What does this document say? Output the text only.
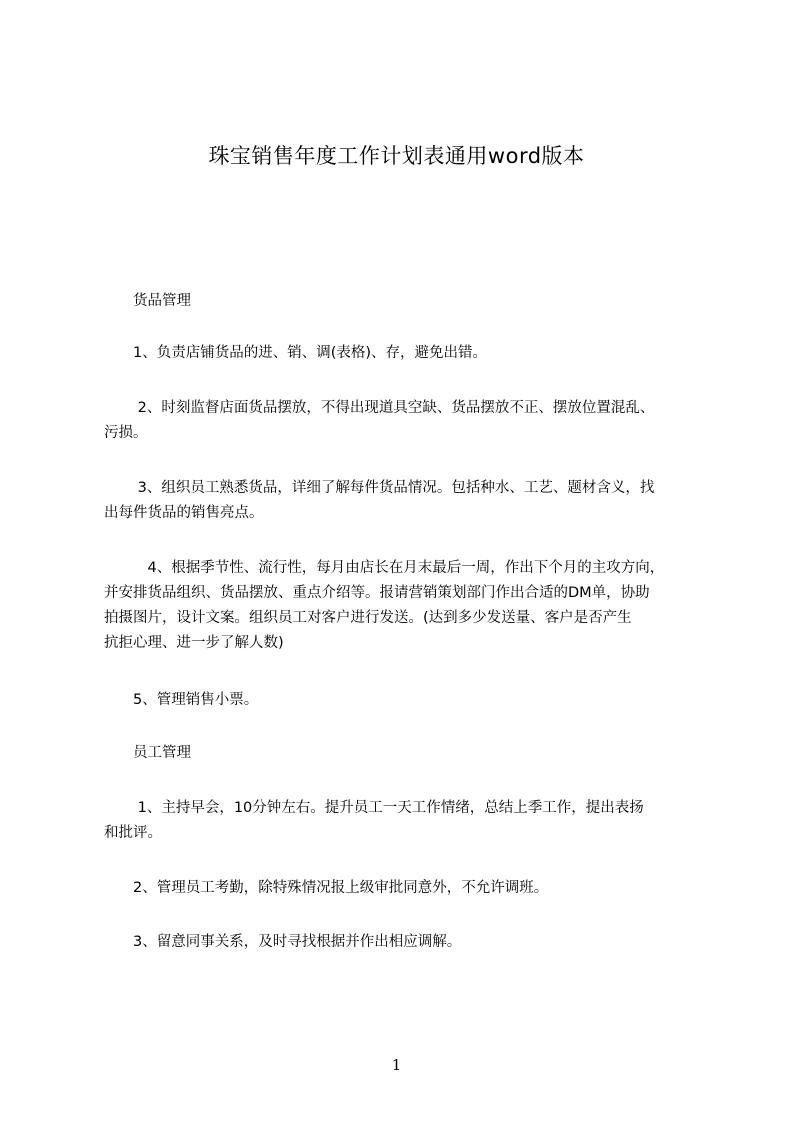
珠宝销售年度工作计划表通用word版本

　　货品管理

　　1、负责店铺货品的进、销、调(表格)、存，避免出错。

　　 2、时刻监督店面货品摆放，不得出现道具空缺、货品摆放不正、摆放位置混乱、
污损。

　　 3、组织员工熟悉货品，详细了解每件货品情况。包括种水、工艺、题材含义，找
出每件货品的销售亮点。

　　　4、根据季节性、流行性，每月由店长在月末最后一周，作出下个月的主攻方向，
并安排货品组织、货品摆放、重点介绍等。报请营销策划部门作出合适的DM单，协助
拍摄图片，设计文案。组织员工对客户进行发送。(达到多少发送量、客户是否产生
抗拒心理、进一步了解人数)

　　5、管理销售小票。

　　员工管理

　　 1、主持早会，10分钟左右。提升员工一天工作情绪，总结上季工作，提出表扬
和批评。

　　2、管理员工考勤，除特殊情况报上级审批同意外，不允许调班。

　　3、留意同事关系，及时寻找根据并作出相应调解。

1
